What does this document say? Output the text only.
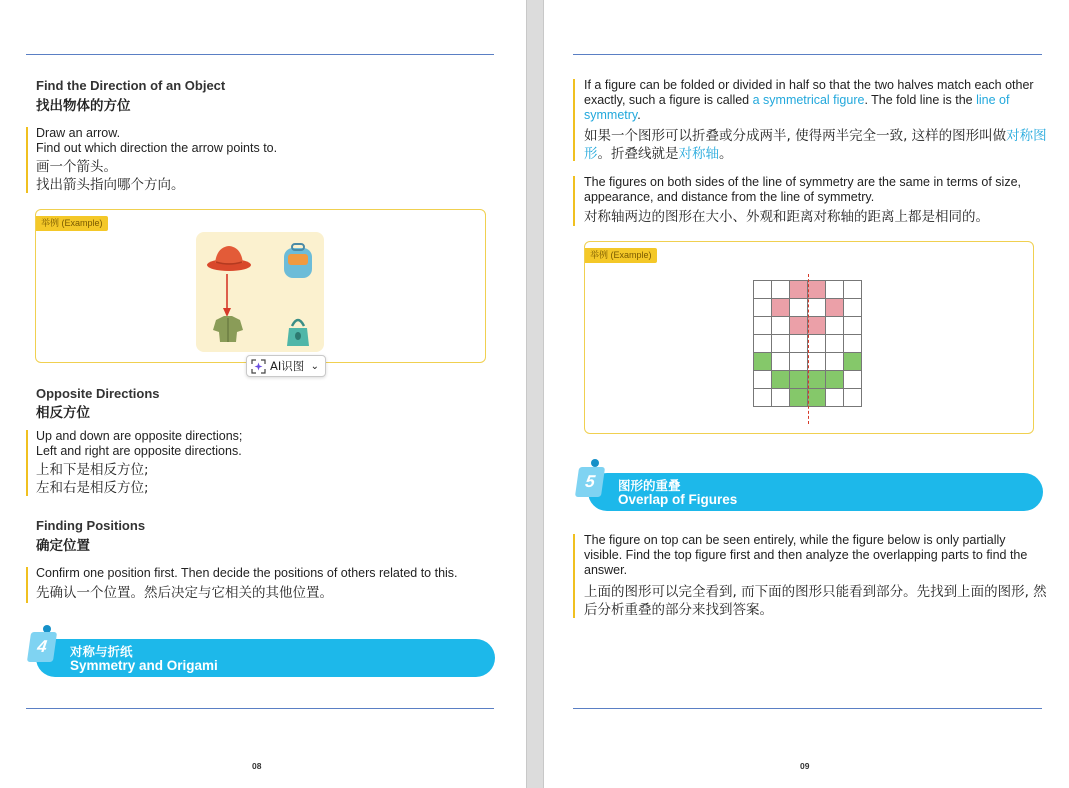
Find the Direction of an Object
找出物体的方位
Draw an arrow.
Find out which direction the arrow points to.
画一个箭头。
找出箭头指向哪个方向。
举例 (Example)
AI识图 ⌄
Opposite Directions
相反方位
Up and down are opposite directions;
Left and right are opposite directions.
上和下是相反方位;
左和右是相反方位;
Finding Positions
确定位置
Confirm one position first. Then decide the positions of others related to this.
先确认一个位置。然后决定与它相关的其他位置。
对称与折纸
Symmetry and Origami
4
08
If a figure can be folded or divided in half so that the two halves match each other
exactly, such a figure is called a symmetrical figure. The fold line is the line of
symmetry.
如果一个图形可以折叠或分成两半, 使得两半完全一致, 这样的图形叫做对称图
形。折叠线就是对称轴。
The figures on both sides of the line of symmetry are the same in terms of size,
appearance, and distance from the line of symmetry.
对称轴两边的图形在大小、外观和距离对称轴的距离上都是相同的。
举例 (Example)
图形的重叠
Overlap of Figures
5
The figure on top can be seen entirely, while the figure below is only partially
visible. Find the top figure first and then analyze the overlapping parts to find the
answer.
上面的图形可以完全看到, 而下面的图形只能看到部分。先找到上面的图形, 然
后分析重叠的部分来找到答案。
09
